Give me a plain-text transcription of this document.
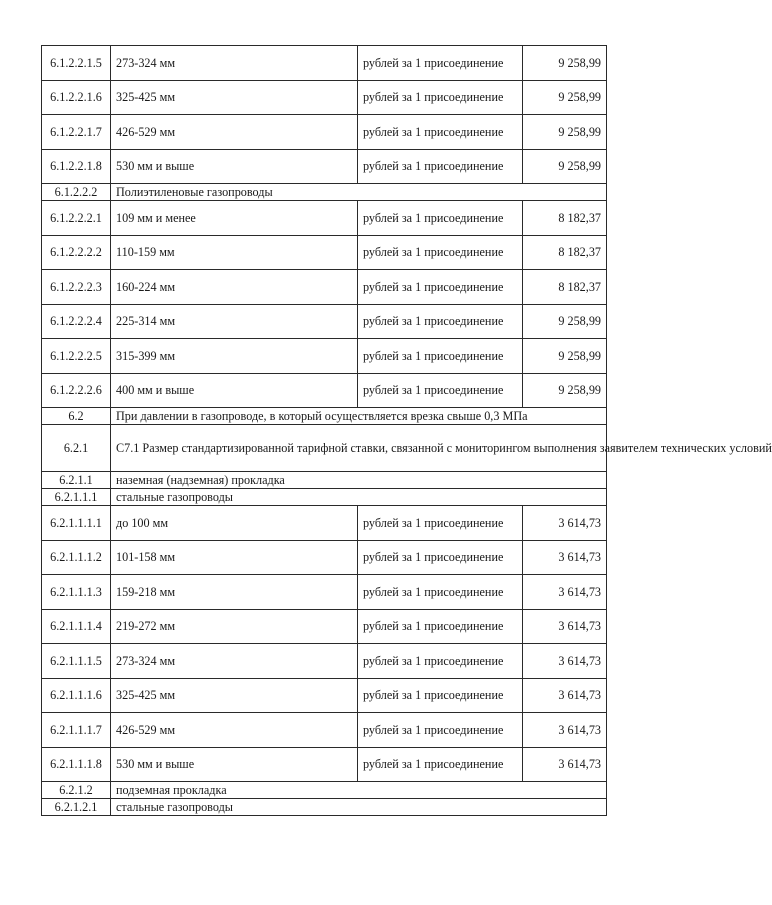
6.1.2.2.1.5	273-324 мм	рублей за 1 присоединение	9 258,99
6.1.2.2.1.6	325-425 мм	рублей за 1 присоединение	9 258,99
6.1.2.2.1.7	426-529 мм	рублей за 1 присоединение	9 258,99
6.1.2.2.1.8	530 мм и выше	рублей за 1 присоединение	9 258,99
6.1.2.2.2	Полиэтиленовые газопроводы		
6.1.2.2.2.1	109 мм и менее	рублей за 1 присоединение	8 182,37
6.1.2.2.2.2	110-159 мм	рублей за 1 присоединение	8 182,37
6.1.2.2.2.3	160-224 мм	рублей за 1 присоединение	8 182,37
6.1.2.2.2.4	225-314 мм	рублей за 1 присоединение	9 258,99
6.1.2.2.2.5	315-399 мм	рублей за 1 присоединение	9 258,99
6.1.2.2.2.6	400 мм и выше	рублей за 1 присоединение	9 258,99
6.2	При давлении в газопроводе, в который осуществляется врезка свыше 0,3 МПа		
6.2.1	С7.1 Размер стандартизированной тарифной ставки, связанной с мониторингом выполнения заявителем технических условий		
6.2.1.1	наземная (надземная) прокладка		
6.2.1.1.1	стальные газопроводы		
6.2.1.1.1.1	до 100 мм	рублей за 1 присоединение	3 614,73
6.2.1.1.1.2	101-158 мм	рублей за 1 присоединение	3 614,73
6.2.1.1.1.3	159-218 мм	рублей за 1 присоединение	3 614,73
6.2.1.1.1.4	219-272 мм	рублей за 1 присоединение	3 614,73
6.2.1.1.1.5	273-324 мм	рублей за 1 присоединение	3 614,73
6.2.1.1.1.6	325-425 мм	рублей за 1 присоединение	3 614,73
6.2.1.1.1.7	426-529 мм	рублей за 1 присоединение	3 614,73
6.2.1.1.1.8	530 мм и выше	рублей за 1 присоединение	3 614,73
6.2.1.2	подземная прокладка		
6.2.1.2.1	стальные газопроводы		
